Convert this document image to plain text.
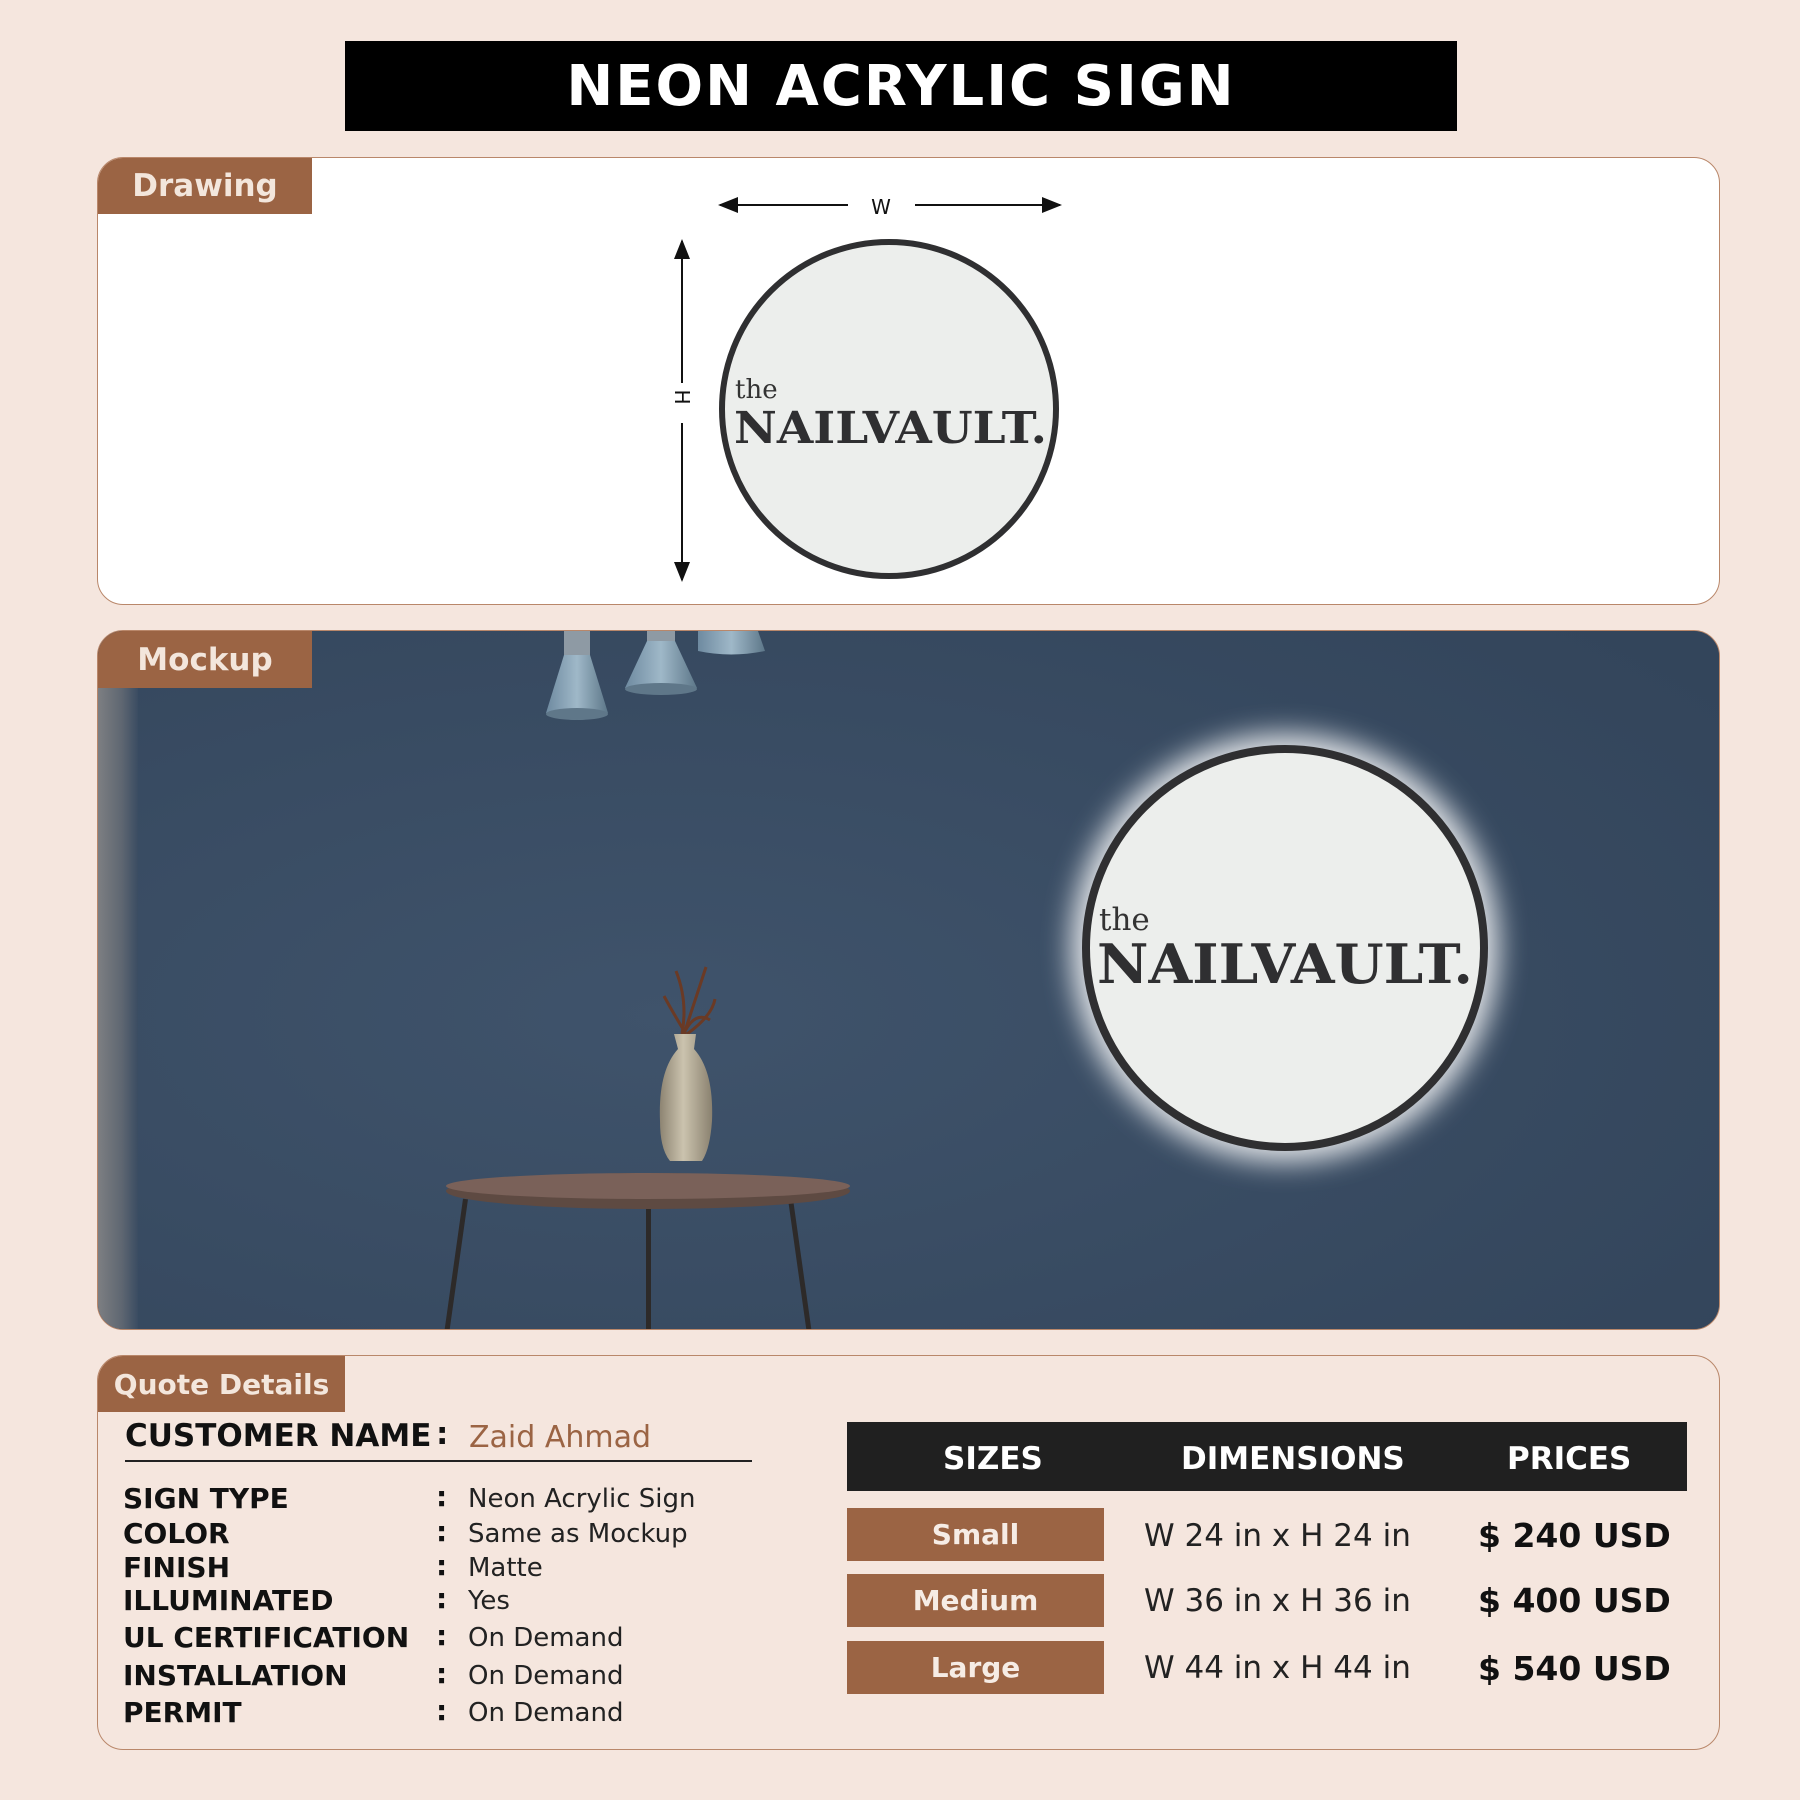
NEON ACRYLIC SIGN
Drawing
W
H the
NAILVAULT.
Mockup
the
NAILVAULT.
Quote Details
CUSTOMER NAME : Zaid Ahmad
SIGN TYPE	: Neon Acrylic Sign
COLOR	: Same as Mockup
FINISH	: Matte
ILLUMINATED	: Yes
UL CERTIFICATION : On Demand
INSTALLATION	: On Demand
PERMIT	: On Demand
SIZES	DIMENSIONS	PRICES
Small	W 24 in x H 24 in $ 240 USD
Medium	W 36 in x H 36 in $ 400 USD
Large	W 44 in x H 44 in $ 540 USD
